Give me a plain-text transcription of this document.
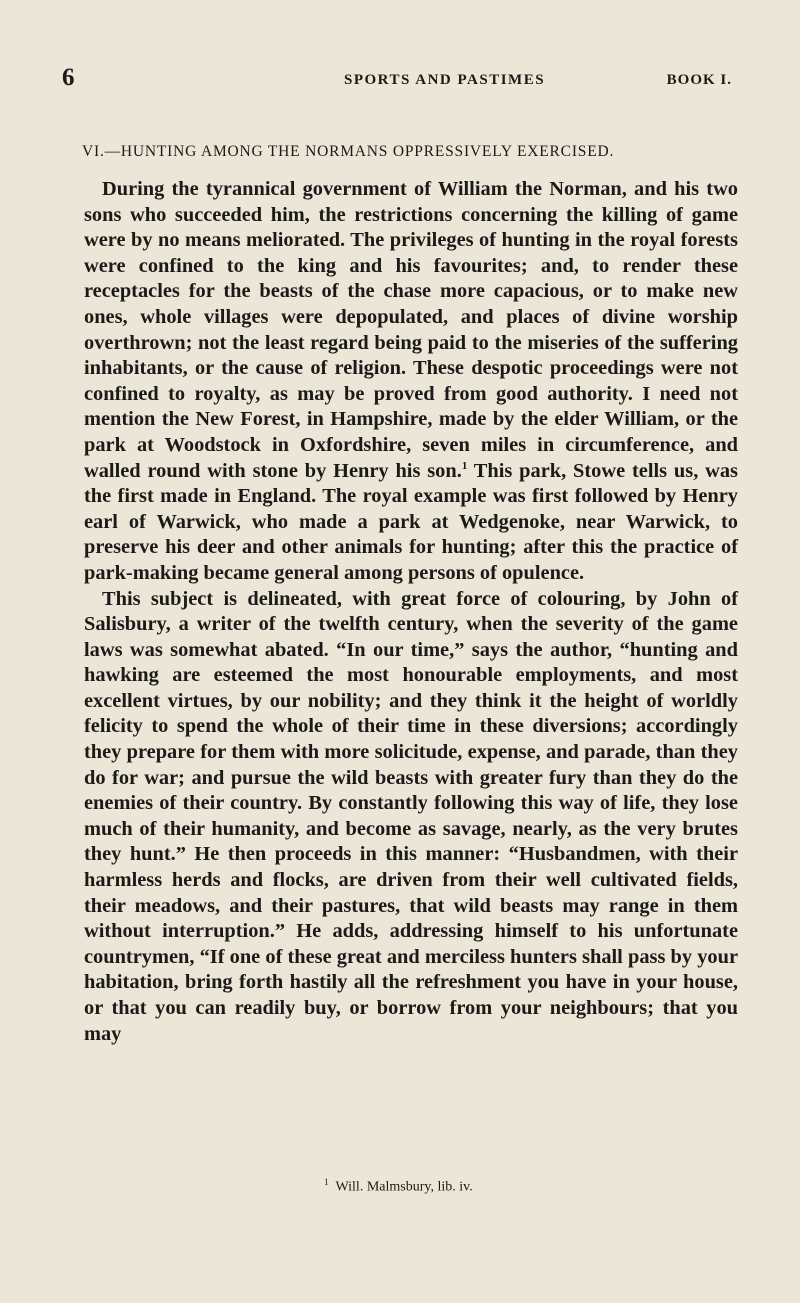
6	SPORTS AND PASTIMES	BOOK I.
VI.—HUNTING AMONG THE NORMANS OPPRESSIVELY EXERCISED.

During the tyrannical government of William the Norman, and his two sons who succeeded him, the restrictions concerning the killing of game were by no means meliorated. The privileges of hunting in the royal forests were confined to the king and his favourites; and, to render these receptacles for the beasts of the chase more capacious, or to make new ones, whole villages were depopulated, and places of divine worship overthrown; not the least regard being paid to the miseries of the suffering inhabitants, or the cause of religion. These despotic proceedings were not confined to royalty, as may be proved from good authority. I need not mention the New Forest, in Hampshire, made by the elder William, or the park at Woodstock in Oxfordshire, seven miles in circumference, and walled round with stone by Henry his son.$^1$ This park, Stowe tells us, was the first made in England. The royal example was first followed by Henry earl of Warwick, who made a park at Wedgenoke, near Warwick, to preserve his deer and other animals for hunting; after this the practice of park-making became general among persons of opulence.

This subject is delineated, with great force of colouring, by John of Salisbury, a writer of the twelfth century, when the severity of the game laws was somewhat abated. “In our time,” says the author, “hunting and hawking are esteemed the most honourable employments, and most excellent virtues, by our nobility; and they think it the height of worldly felicity to spend the whole of their time in these diversions; accordingly they prepare for them with more solicitude, expense, and parade, than they do for war; and pursue the wild beasts with greater fury than they do the enemies of their country. By constantly following this way of life, they lose much of their humanity, and become as savage, nearly, as the very brutes they hunt.” He then proceeds in this manner: “Husbandmen, with their harmless herds and flocks, are driven from their well cultivated fields, their meadows, and their pastures, that wild beasts may range in them without interruption.” He adds, addressing himself to his unfortunate countrymen, “If one of these great and merciless hunters shall pass by your habitation, bring forth hastily all the refreshment you have in your house, or that you can readily buy, or borrow from your neighbours; that you may

$^1$ Will. Malmsbury, lib. iv.
